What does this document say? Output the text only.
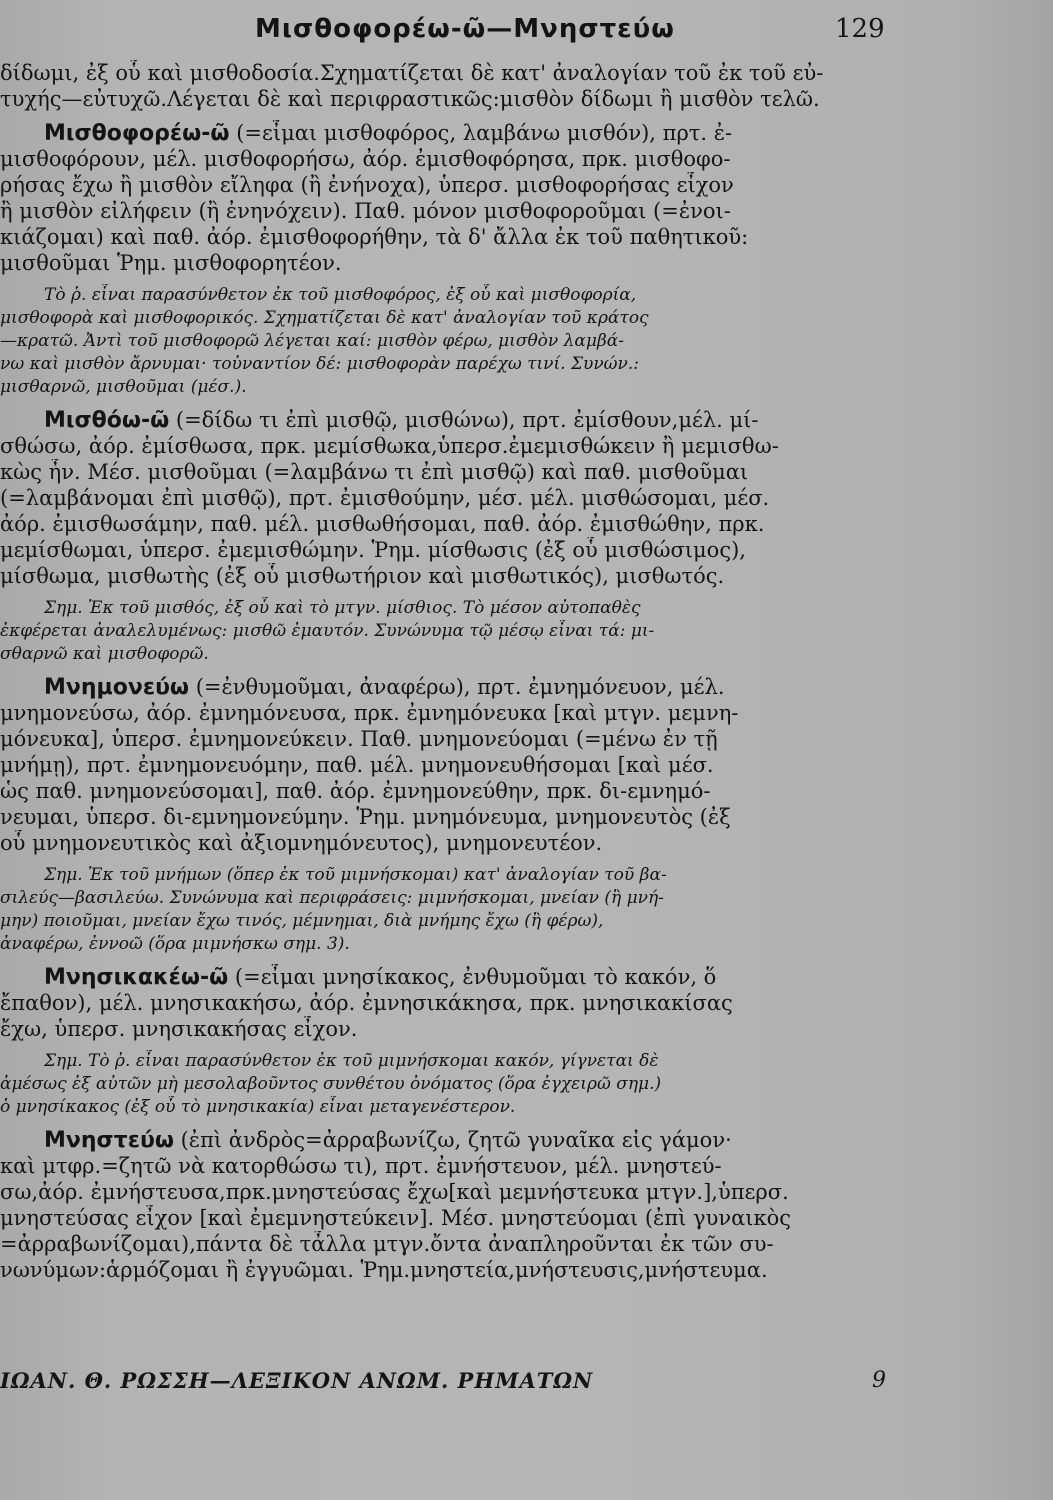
Μισθοφορέω-ῶ—Μνηστεύω	129
δίδωμι, ἐξ οὗ καὶ μισθοδοσία.Σχηματίζεται δὲ κατ' ἀναλογίαν τοῦ ἐκ τοῦ εὐ-
τυχής—εὐτυχῶ.Λέγεται δὲ καὶ περιφραστικῶς:μισθὸν δίδωμι ἢ μισθὸν τελῶ.
Μισθοφορέω-ῶ (=εἶμαι μισθοφόρος, λαμβάνω μισθόν), πρτ. ἐ-
μισθοφόρουν, μέλ. μισθοφορήσω, ἀόρ. ἐμισθοφόρησα, πρκ. μισθοφο-
ρήσας ἔχω ἢ μισθὸν εἴληφα (ἢ ἐνήνοχα), ὑπερσ. μισθοφορήσας εἶχον
ἢ μισθὸν εἰλήφειν (ἢ ἐνηνόχειν). Παθ. μόνον μισθοφοροῦμαι (=ἐνοι-
κιάζομαι) καὶ παθ. ἀόρ. ἐμισθοφορήθην, τὰ δ' ἄλλα ἐκ τοῦ παθητικοῦ:
μισθοῦμαι Ῥημ. μισθοφορητέον.
Τὸ ῥ. εἶναι παρασύνθετον ἐκ τοῦ μισθοφόρος, ἐξ οὗ καὶ μισθοφορία,
μισθοφορὰ καὶ μισθοφορικός. Σχηματίζεται δὲ κατ' ἀναλογίαν τοῦ κράτος
—κρατῶ. Ἀντὶ τοῦ μισθοφορῶ λέγεται καί: μισθὸν φέρω, μισθὸν λαμβά-
νω καὶ μισθὸν ἄρνυμαι· τοὐναντίον δέ: μισθοφορὰν παρέχω τινί. Συνών.:
μισθαρνῶ, μισθοῦμαι (μέσ.).
Μισθόω-ῶ (=δίδω τι ἐπὶ μισθῷ, μισθώνω), πρτ. ἐμίσθουν,μέλ. μί-
σθώσω, ἀόρ. ἐμίσθωσα, πρκ. μεμίσθωκα,ὑπερσ.ἐμεμισθώκειν ἢ μεμισθω-
κὼς ἦν. Μέσ. μισθοῦμαι (=λαμβάνω τι ἐπὶ μισθῷ) καὶ παθ. μισθοῦμαι
(=λαμβάνομαι ἐπὶ μισθῷ), πρτ. ἐμισθούμην, μέσ. μέλ. μισθώσομαι, μέσ.
ἀόρ. ἐμισθωσάμην, παθ. μέλ. μισθωθήσομαι, παθ. ἀόρ. ἐμισθώθην, πρκ.
μεμίσθωμαι, ὑπερσ. ἐμεμισθώμην. Ῥημ. μίσθωσις (ἐξ οὗ μισθώσιμος),
μίσθωμα, μισθωτὴς (ἐξ οὗ μισθωτήριον καὶ μισθωτικός), μισθωτός.
Σημ. Ἐκ τοῦ μισθός, ἐξ οὗ καὶ τὸ μτγν. μίσθιος. Τὸ μέσον αὐτοπαθὲς
ἐκφέρεται ἀναλελυμένως: μισθῶ ἐμαυτόν. Συνώνυμα τῷ μέσῳ εἶναι τά: μι-
σθαρνῶ καὶ μισθοφορῶ.
Μνημονεύω (=ἐνθυμοῦμαι, ἀναφέρω), πρτ. ἐμνημόνευον, μέλ.
μνημονεύσω, ἀόρ. ἐμνημόνευσα, πρκ. ἐμνημόνευκα [καὶ μτγν. μεμνη-
μόνευκα], ὑπερσ. ἐμνημονεύκειν. Παθ. μνημονεύομαι (=μένω ἐν τῇ
μνήμῃ), πρτ. ἐμνημονευόμην, παθ. μέλ. μνημονευθήσομαι [καὶ μέσ.
ὡς παθ. μνημονεύσομαι], παθ. ἀόρ. ἐμνημονεύθην, πρκ. δι-εμνημό-
νευμαι, ὑπερσ. δι-εμνημονεύμην. Ῥημ. μνημόνευμα, μνημονευτὸς (ἐξ
οὗ μνημονευτικὸς καὶ ἀξιομνημόνευτος), μνημονευτέον.
Σημ. Ἐκ τοῦ μνήμων (ὅπερ ἐκ τοῦ μιμνήσκομαι) κατ' ἀναλογίαν τοῦ βα-
σιλεύς—βασιλεύω. Συνώνυμα καὶ περιφράσεις: μιμνήσκομαι, μνείαν (ἢ μνή-
μην) ποιοῦμαι, μνείαν ἔχω τινός, μέμνημαι, διὰ μνήμης ἔχω (ἢ φέρω),
ἀναφέρω, ἐννοῶ (ὅρα μιμνήσκω σημ. 3).
Μνησικακέω-ῶ (=εἶμαι μνησίκακος, ἐνθυμοῦμαι τὸ κακόν, ὅ
ἔπαθον), μέλ. μνησικακήσω, ἀόρ. ἐμνησικάκησα, πρκ. μνησικακίσας
ἔχω, ὑπερσ. μνησικακήσας εἶχον.
Σημ. Τὸ ῥ. εἶναι παρασύνθετον ἐκ τοῦ μιμνήσκομαι κακόν, γίγνεται δὲ
ἀμέσως ἐξ αὐτῶν μὴ μεσολαβοῦντος συνθέτου ὀνόματος (ὅρα ἐγχειρῶ σημ.)
ὁ μνησίκακος (ἐξ οὗ τὸ μνησικακία) εἶναι μεταγενέστερον.
Μνηστεύω (ἐπὶ ἀνδρὸς=ἀρραβωνίζω, ζητῶ γυναῖκα εἰς γάμον·
καὶ μτφρ.=ζητῶ νὰ κατορθώσω τι), πρτ. ἐμνήστευον, μέλ. μνηστεύ-
σω,ἀόρ. ἐμνήστευσα,πρκ.μνηστεύσας ἔχω[καὶ μεμνήστευκα μτγν.],ὑπερσ.
μνηστεύσας εἶχον [καὶ ἐμεμνηστεύκειν]. Μέσ. μνηστεύομαι (ἐπὶ γυναικὸς
=ἀρραβωνίζομαι),πάντα δὲ τἆλλα μτγν.ὄντα ἀναπληροῦνται ἐκ τῶν συ-
νωνύμων:ἁρμόζομαι ἢ ἐγγυῶμαι. Ῥημ.μνηστεία,μνήστευσις,μνήστευμα.
ΙΩΑΝ. Θ. ΡΩΣΣΗ—ΛΕΞΙΚΟΝ ΑΝΩΜ. ΡΗΜΑΤΩΝ	9
